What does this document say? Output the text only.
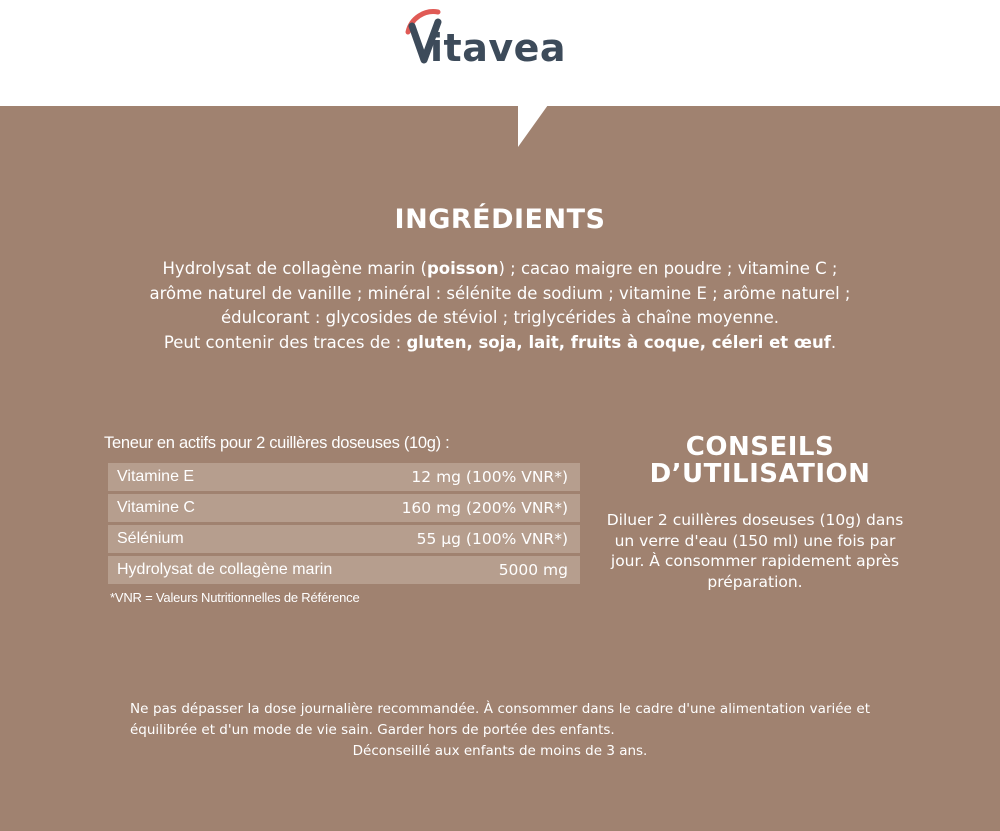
itavea
INGRÉDIENTS
Hydrolysat de collagène marin (poisson) ; cacao maigre en poudre ; vitamine C ;
arôme naturel de vanille ; minéral : sélénite de sodium ; vitamine E ; arôme naturel ;
édulcorant : glycosides de stéviol ; triglycérides à chaîne moyenne.
Peut contenir des traces de : gluten, soja, lait, fruits à coque, céleri et œuf.
Teneur en actifs pour 2 cuillères doseuses (10g) :
Vitamine E	12 mg (100% VNR*)
Vitamine C	160 mg (200% VNR*)
Sélénium	55 µg (100% VNR*)
Hydrolysat de collagène marin	5000 mg
*VNR = Valeurs Nutritionnelles de Référence
CONSEILS
D’UTILISATION
Diluer 2 cuillères doseuses (10g) dans un verre d'eau (150 ml) une fois par jour. À consommer rapidement après préparation.
Ne pas dépasser la dose journalière recommandée. À consommer dans le cadre d'une alimentation variée et équilibrée et d'un mode de vie sain. Garder hors de portée des enfants.
Déconseillé aux enfants de moins de 3 ans.
